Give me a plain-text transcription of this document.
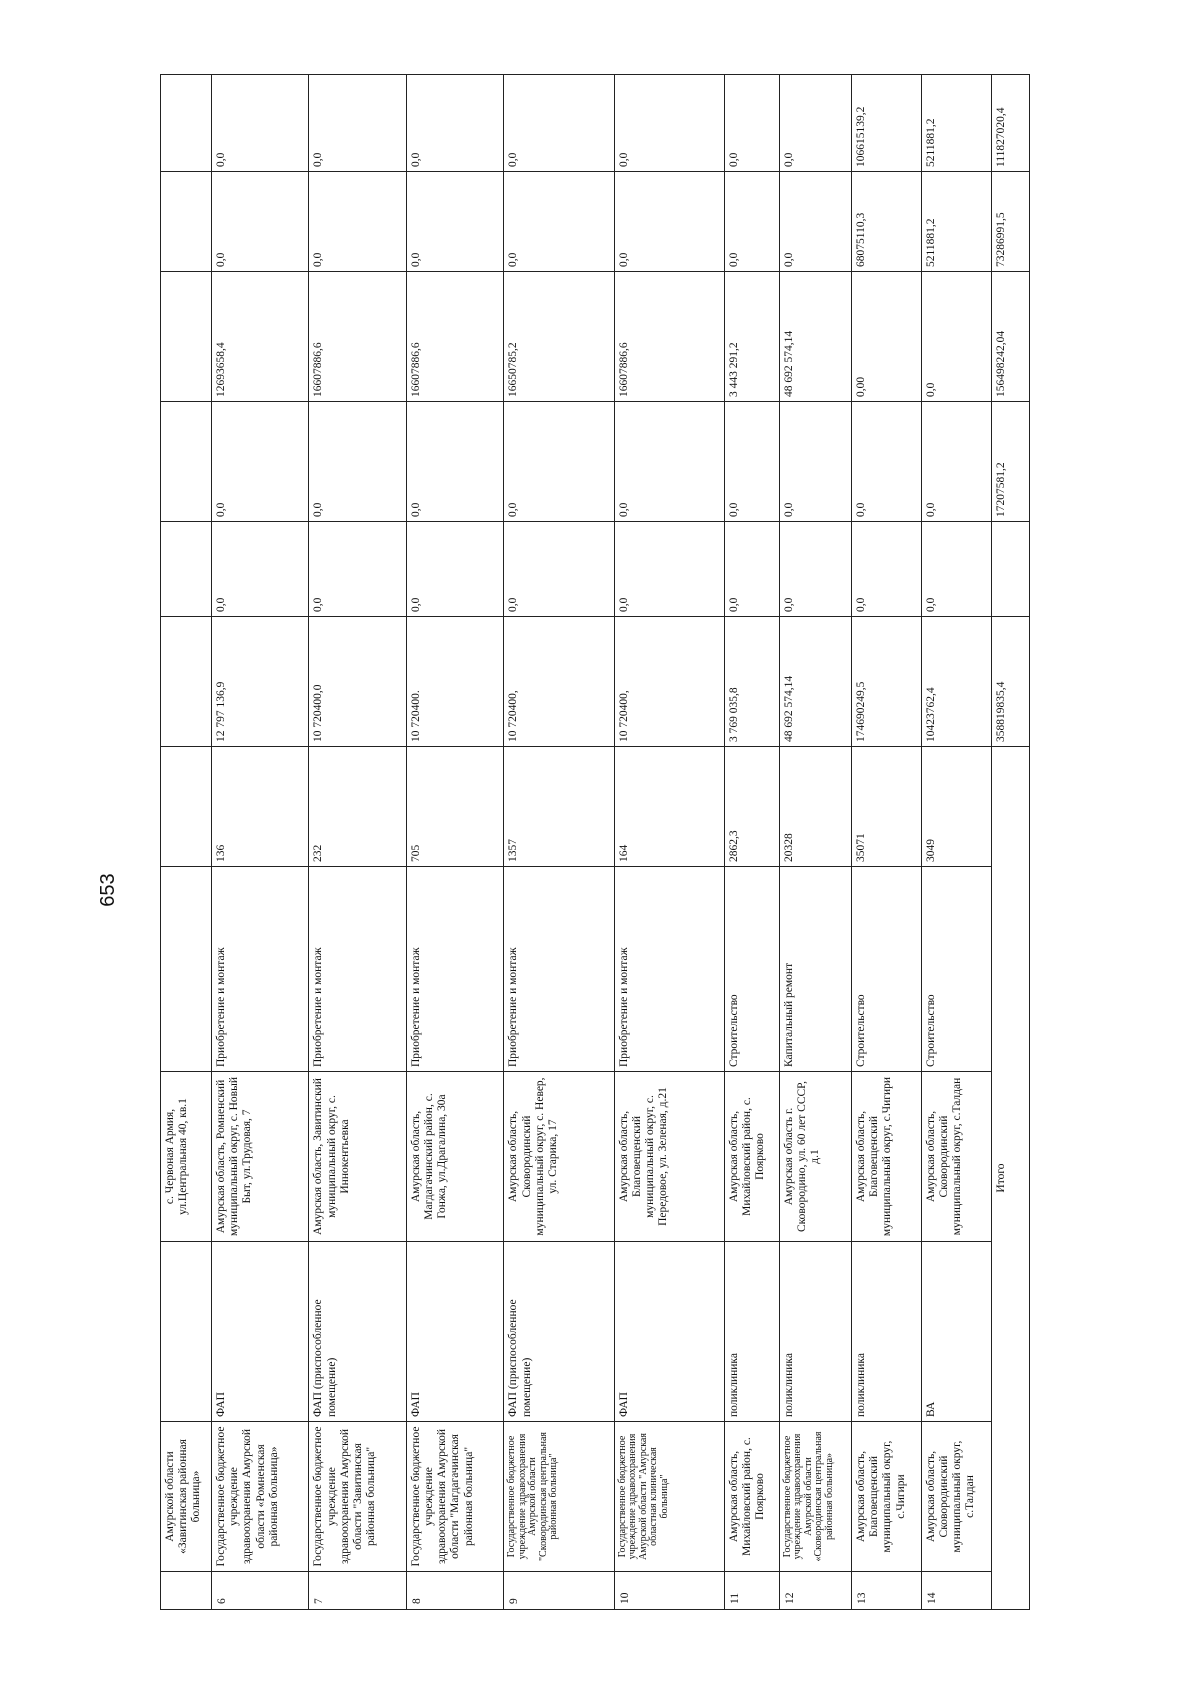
653
	Амурской области «Завитинская районная больница»		с. Червоная Армия, ул.Центральная 40, кв.1								
6	Государственное бюджетное учреждение здравоохранения Амурской области «Ромненская районная больница»	ФАП	Амурская область, Ромненский муниципальный округ, с. Новый Быт, ул.Трудовая, 7	Приобретение и монтаж	136	12 797 136,9	0,0	0,0	12693658,4	0,0	0,0
7	Государственное бюджетное учреждение здравоохранения Амурской области "Завитинская районная больница"	ФАП (приспособленное помещение)	Амурская область, Завитинский муниципальный округ, с. Иннокентьевка	Приобретение и монтаж	232	10 720400,0	0,0	0,0	16607886,6	0,0	0,0
8	Государственное бюджетное учреждение здравоохранения Амурской области "Магдагачинская районная больница"	ФАП	Амурская область, Магдагачинский район, с. Гонжа, ул.Драгалина, 30а	Приобретение и монтаж	705	10 720400.	0,0	0,0	16607886,6	0,0	0,0
9	Государственное бюджетное учреждение здравоохранения Амурской области "Сковородинская центральная районная больница"	ФАП (приспособленное помещение)	Амурская область, Сковородинский муниципальный округ, с. Невер, ул. Старика, 17	Приобретение и монтаж	1357	10 720400,	0,0	0,0	16650785,2	0,0	0,0
10	Государственное бюджетное учреждение здравоохранения Амурской области "Амурская областная клиническая больница"	ФАП	Амурская область, Благовещенский муниципальный округ, с. Передовое, ул. Зеленая, д.21	Приобретение и монтаж	164	10 720400,	0,0	0,0	16607886,6	0,0	0,0
11	Амурская область, Михайловский район, с. Поярково	поликлиника	Амурская область, Михайловский район, с. Поярково	Строительство	2862,3	3 769 035,8	0,0	0,0	3 443 291,2	0,0	0,0
12	Государственное бюджетное учреждение здравоохранения Амурской области «Сковородинская центральная районная больница»	поликлиника	Амурская область г. Сковородино, ул. 60 лет СССР, д.1	Капитальный ремонт	20328	48 692 574,14	0,0	0,0	48 692 574,14	0,0	0,0
13	Амурская область, Благовещенский муниципальный округ, с.Чигири	поликлиника	Амурская область, Благовещенский муниципальный округ, с.Чигири	Строительство	35071	174690249,5	0,0	0,0	0,00	68075110,3	106615139,2
14	Амурская область, Сковородинский муниципальный округ, с.Талдан	ВА	Амурская область, Сковородинский муниципальный округ, с.Талдан	Строительство	3049	10423762,4	0,0	0,0	0,0	5211881,2	5211881,2
Итого						358819835,4		17207581,2	156498242,04	73286991,5	111827020,4
